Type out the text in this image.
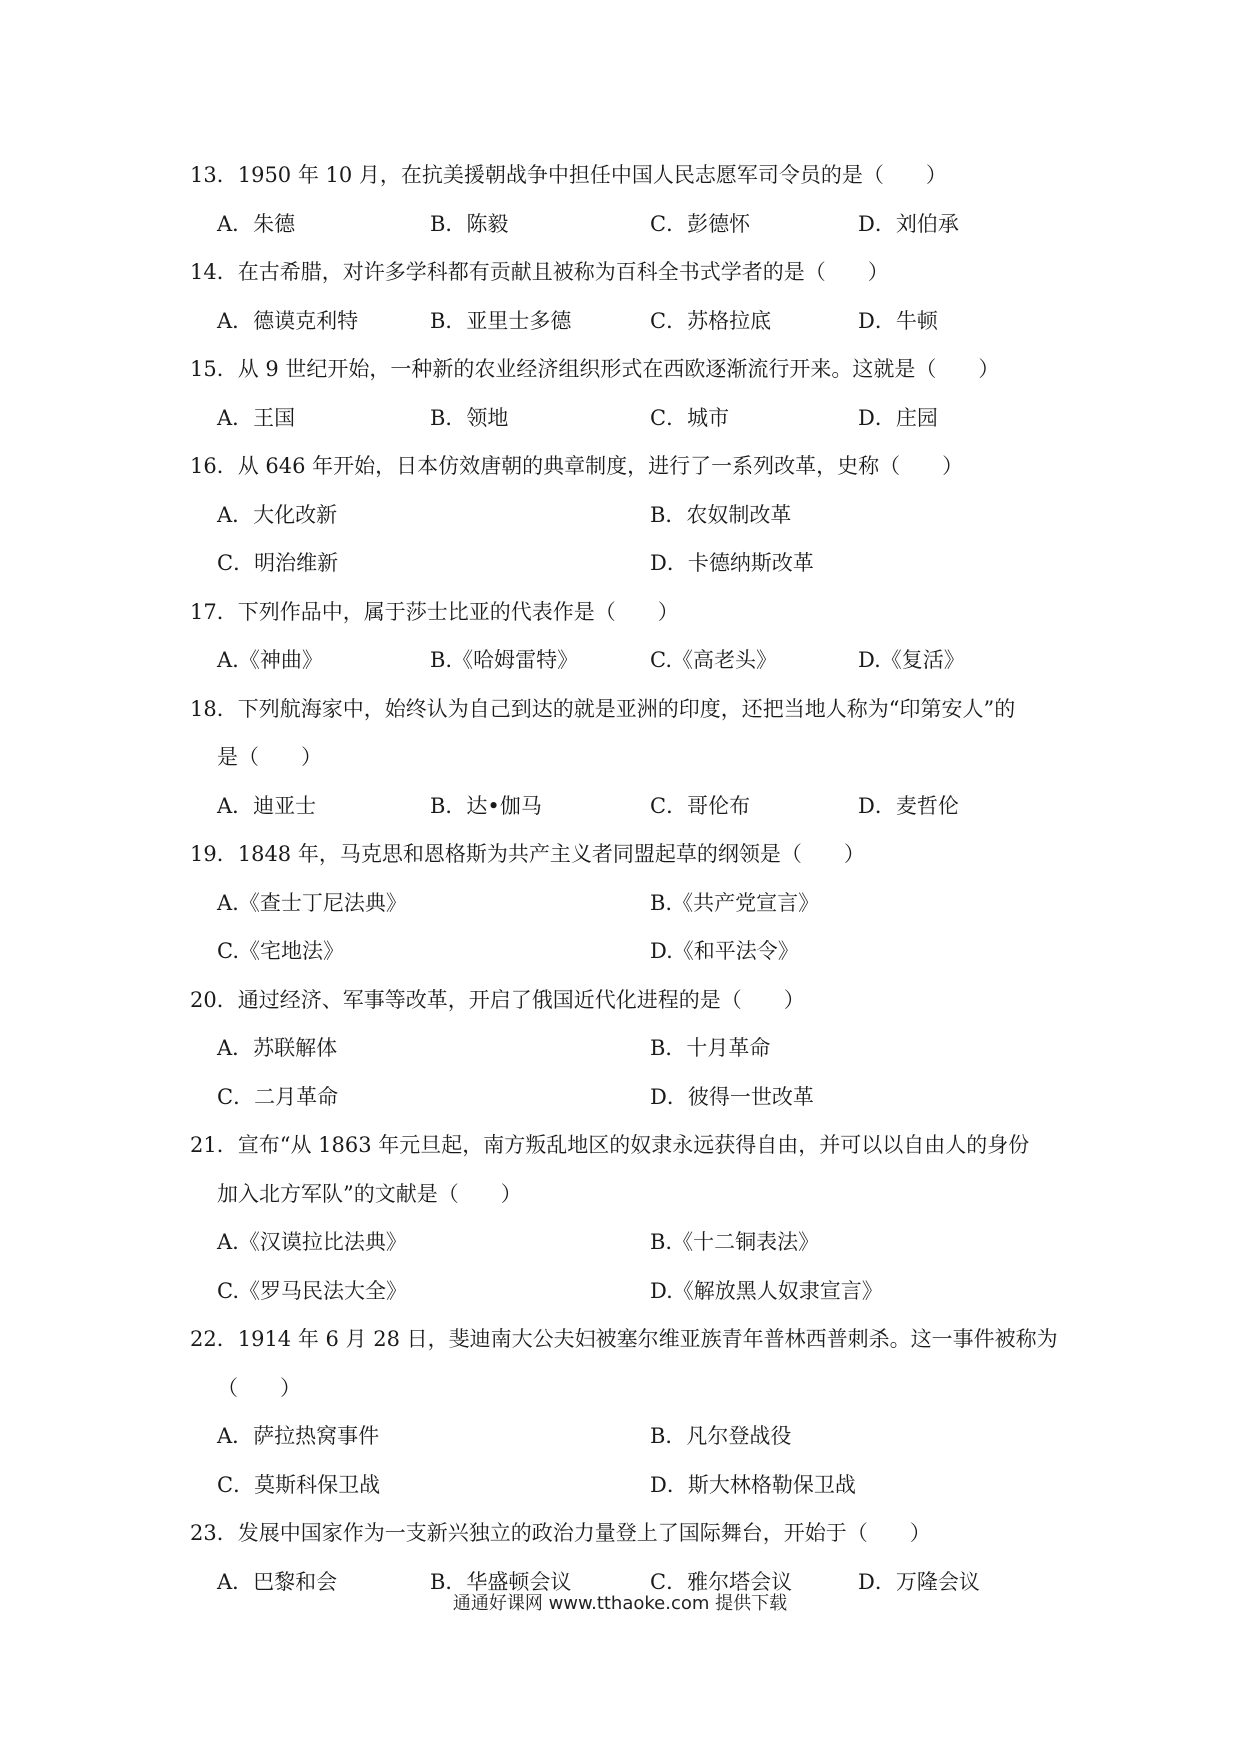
13．1950 年 10 月，在抗美援朝战争中担任中国人民志愿军司令员的是（　　）
A．朱德	B．陈毅	C．彭德怀	D．刘伯承
14．在古希腊，对许多学科都有贡献且被称为百科全书式学者的是（　　）
A．德谟克利特	B．亚里士多德	C．苏格拉底	D．牛顿
15．从 9 世纪开始，一种新的农业经济组织形式在西欧逐渐流行开来。这就是（　　）
A．王国	B．领地	C．城市	D．庄园
16．从 646 年开始，日本仿效唐朝的典章制度，进行了一系列改革，史称（　　）
A．大化改新	B．农奴制改革
C．明治维新	D．卡德纳斯改革
17．下列作品中，属于莎士比亚的代表作是（　　）
A.《神曲》	B.《哈姆雷特》	C.《高老头》	D.《复活》
18．下列航海家中，始终认为自己到达的就是亚洲的印度，还把当地人称为“印第安人”的
是（　　）
A．迪亚士	B．达•伽马	C．哥伦布	D．麦哲伦
19．1848 年，马克思和恩格斯为共产主义者同盟起草的纲领是（　　）
A.《查士丁尼法典》	B.《共产党宣言》
C.《宅地法》	D.《和平法令》
20．通过经济、军事等改革，开启了俄国近代化进程的是（　　）
A．苏联解体	B．十月革命
C．二月革命	D．彼得一世改革
21．宣布“从 1863 年元旦起，南方叛乱地区的奴隶永远获得自由，并可以以自由人的身份
加入北方军队”的文献是（　　）
A.《汉谟拉比法典》	B.《十二铜表法》
C.《罗马民法大全》	D.《解放黑人奴隶宣言》
22．1914 年 6 月 28 日，斐迪南大公夫妇被塞尔维亚族青年普林西普刺杀。这一事件被称为
（　　）
A．萨拉热窝事件	B．凡尔登战役
C．莫斯科保卫战	D．斯大林格勒保卫战
23．发展中国家作为一支新兴独立的政治力量登上了国际舞台，开始于（　　）
A．巴黎和会	B．华盛顿会议	C．雅尔塔会议	D．万隆会议
通通好课网 www.tthaoke.com 提供下载
